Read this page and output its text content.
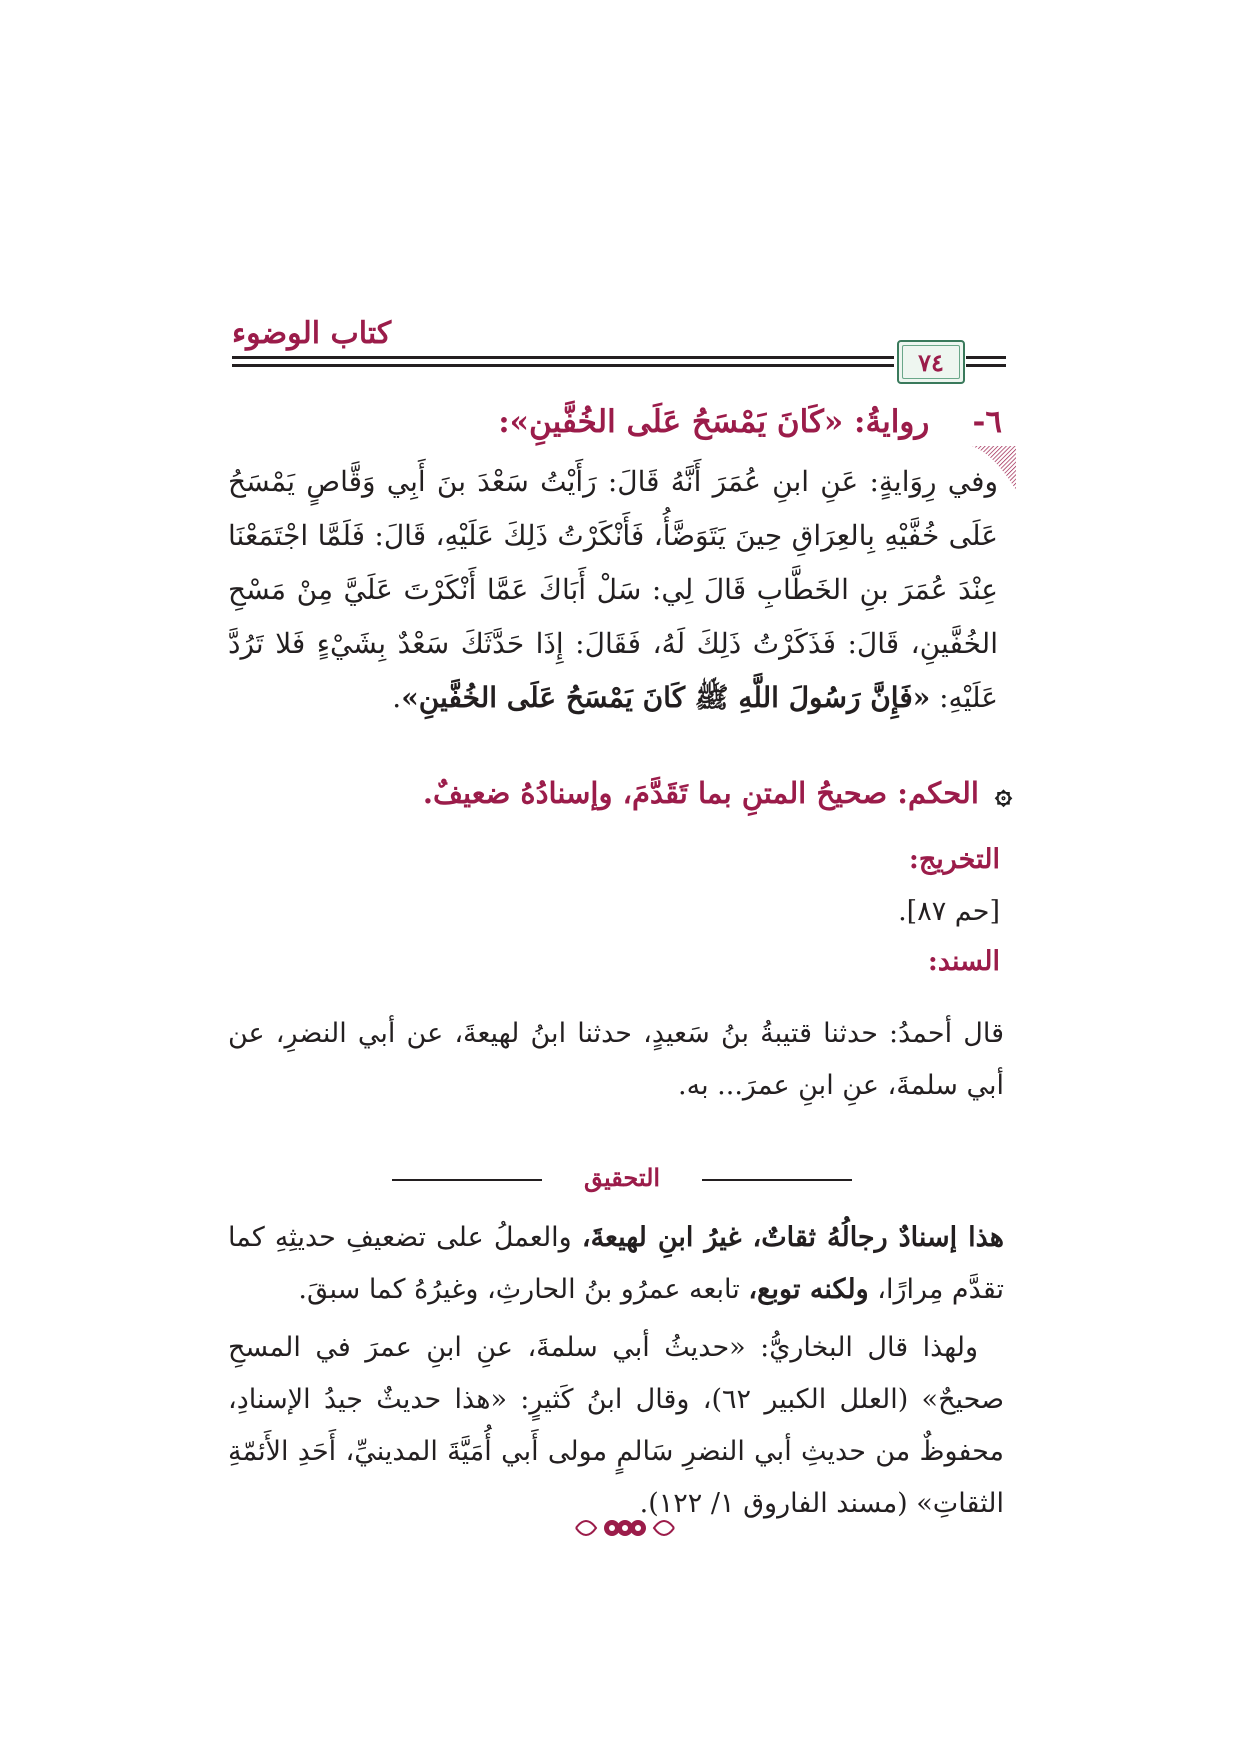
كتاب الوضوء
٧٤
٦-    روايةُ: «كَانَ يَمْسَحُ عَلَى الخُفَّينِ»:
وفي رِوَايةٍ: عَنِ ابنِ عُمَرَ أَنَّهُ قَالَ: رَأَيْتُ سَعْدَ بنَ أَبِي وَقَّاصٍ يَمْسَحُ عَلَى خُفَّيْهِ بِالعِرَاقِ حِينَ يَتَوَضَّأُ، فَأَنْكَرْتُ ذَلِكَ عَلَيْهِ، قَالَ: فَلَمَّا اجْتَمَعْنَا عِنْدَ عُمَرَ بنِ الخَطَّابِ قَالَ لِي: سَلْ أَبَاكَ عَمَّا أَنْكَرْتَ عَلَيَّ مِنْ مَسْحِ الخُفَّينِ، قَالَ: فَذَكَرْتُ ذَلِكَ لَهُ، فَقَالَ: إِذَا حَدَّثَكَ سَعْدٌ بِشَيْءٍ فَلا تَرُدَّ عَلَيْهِ: «فَإِنَّ رَسُولَ اللَّهِ ﷺ كَانَ يَمْسَحُ عَلَى الخُفَّينِ».
۞ الحكم: صحيحُ المتنِ بما تَقَدَّمَ، وإسنادُهُ ضعيفٌ.
التخريج:
[حم ٨٧].
السند:
قال أحمدُ: حدثنا قتيبةُ بنُ سَعيدٍ، حدثنا ابنُ لهيعةَ، عن أبي النضرِ، عن أبي سلمةَ، عنِ ابنِ عمرَ... به.
التحقيق
هذا إسنادٌ رجالُهُ ثقاتٌ، غيرُ ابنِ لهيعةَ، والعملُ على تضعيفِ حديثِهِ كما تقدَّم مِرارًا، ولكنه توبع، تابعه عمرُو بنُ الحارثِ، وغيرُهُ كما سبقَ.
ولهذا قال البخاريُّ: «حديثُ أبي سلمةَ، عنِ ابنِ عمرَ في المسحِ صحيحٌ» (العلل الكبير ٦٢)، وقال ابنُ كَثيرٍ: «هذا حديثٌ جيدُ الإسنادِ، محفوظٌ من حديثِ أبي النضرِ سَالمٍ مولى أَبي أُمَيَّةَ المدينيِّ، أَحَدِ الأَئمّةِ الثقاتِ» (مسند الفاروق ١/ ١٢٢).
